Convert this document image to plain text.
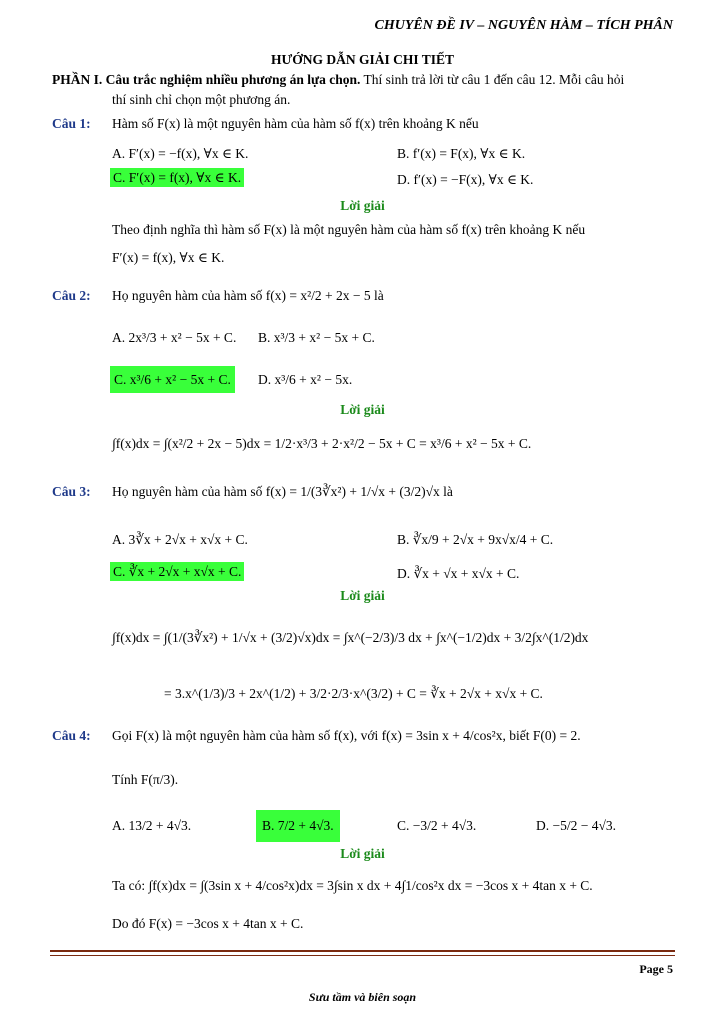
CHUYÊN ĐỀ IV – NGUYÊN HÀM – TÍCH PHÂN
HƯỚNG DẪN GIẢI CHI TIẾT
PHẦN I. Câu trắc nghiệm nhiều phương án lựa chọn. Thí sinh trả lời từ câu 1 đến câu 12. Mỗi câu hỏi
thí sinh chỉ chọn một phương án.
Câu 1: Hàm số F(x) là một nguyên hàm của hàm số f(x) trên khoảng K nếu
A. F′(x) = −f(x), ∀x ∈ K.	B. f′(x) = F(x), ∀x ∈ K.
C. F′(x) = f(x), ∀x ∈ K.	D. f′(x) = −F(x), ∀x ∈ K.
Lời giải
Theo định nghĩa thì hàm số F(x) là một nguyên hàm của hàm số f(x) trên khoảng K nếu
F′(x) = f(x), ∀x ∈ K.
Câu 2: Họ nguyên hàm của hàm số f(x) = x²/2 + 2x − 5 là
A. 2x³/3 + x² − 5x + C. B. x³/3 + x² − 5x + C.
C. x³/6 + x² − 5x + C. D. x³/6 + x² − 5x.
Lời giải
∫f(x)dx = ∫(x²/2 + 2x − 5)dx = 1/2·x³/3 + 2·x²/2 − 5x + C = x³/6 + x² − 5x + C.
Câu 3: Họ nguyên hàm của hàm số f(x) = 1/(3∛x²) + 1/√x + (3/2)√x là
A. 3∛x + 2√x + x√x + C.	B. ∛x/9 + 2√x + 9x√x/4 + C.
C. ∛x + 2√x + x√x + C.	D. ∛x + √x + x√x + C.
Lời giải
∫f(x)dx = ∫(1/(3∛x²) + 1/√x + (3/2)√x)dx = ∫x^(−2/3)/3 dx + ∫x^(−1/2)dx + 3/2∫x^(1/2)dx
= 3.x^(1/3)/3 + 2x^(1/2) + 3/2·2/3·x^(3/2) + C = ∛x + 2√x + x√x + C.
Câu 4: Gọi F(x) là một nguyên hàm của hàm số f(x), với f(x) = 3sin x + 4/cos²x, biết F(0) = 2.
Tính F(π/3).
A. 13/2 + 4√3.	B. 7/2 + 4√3.	C. −3/2 + 4√3.	D. −5/2 − 4√3.
Lời giải
Ta có: ∫f(x)dx = ∫(3sin x + 4/cos²x)dx = 3∫sin x dx + 4∫1/cos²x dx = −3cos x + 4tan x + C.
Do đó F(x) = −3cos x + 4tan x + C.
Page 5
Sưu tầm và biên soạn
